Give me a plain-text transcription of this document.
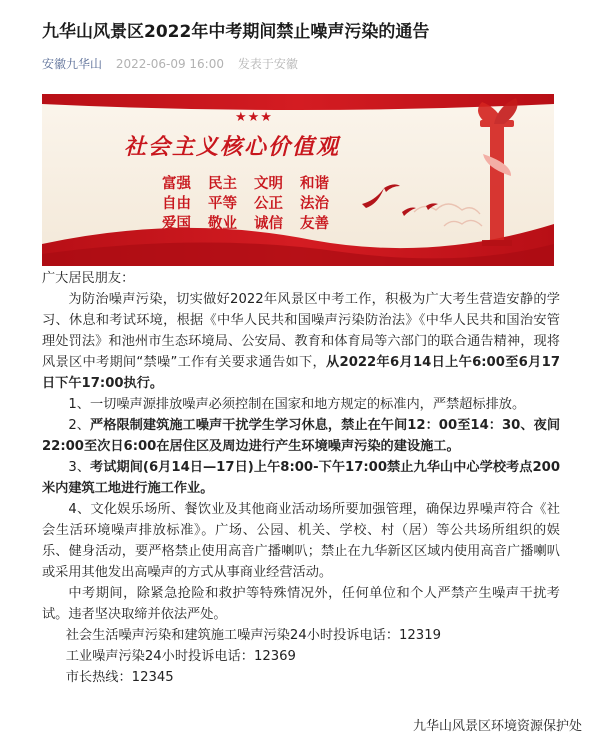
九华山风景区2022年中考期间禁止噪声污染的通告
安徽九华山 2022-06-09 16:00 发表于安徽
★★★
社会主义核心价值观
富强 民主 文明 和谐
自由 平等 公正 法治
爱国 敬业 诚信 友善

广大居民朋友：

为防治噪声污染，切实做好2022年风景区中考工作，积极为广大考生营造安静的学习、休息和考试环境，根据《中华人民共和国噪声污染防治法》《中华人民共和国治安管理处罚法》和池州市生态环境局、公安局、教育和体育局等六部门的联合通告精神，现将风景区中考期间“禁噪”工作有关要求通告如下，从2022年6月14日上午6:00至6月17日下午17:00执行。

1、一切噪声源排放噪声必须控制在国家和地方规定的标准内，严禁超标排放。

2、严格限制建筑施工噪声干扰学生学习休息，禁止在午间12：00至14：30、夜间22:00至次日6:00在居住区及周边进行产生环境噪声污染的建设施工。

3、考试期间(6月14日—17日)上午8:00-下午17:00禁止九华山中心学校考点200米内建筑工地进行施工作业。

4、文化娱乐场所、餐饮业及其他商业活动场所要加强管理，确保边界噪声符合《社会生活环境噪声排放标准》。广场、公园、机关、学校、村（居）等公共场所组织的娱乐、健身活动，要严格禁止使用高音广播喇叭；禁止在九华新区区域内使用高音广播喇叭或采用其他发出高噪声的方式从事商业经营活动。

中考期间，除紧急抢险和救护等特殊情况外，任何单位和个人严禁产生噪声干扰考试。违者坚决取缔并依法严处。

社会生活噪声污染和建筑施工噪声污染24小时投诉电话：12319

工业噪声污染24小时投诉电话：12369

市长热线：12345

九华山风景区环境资源保护处
